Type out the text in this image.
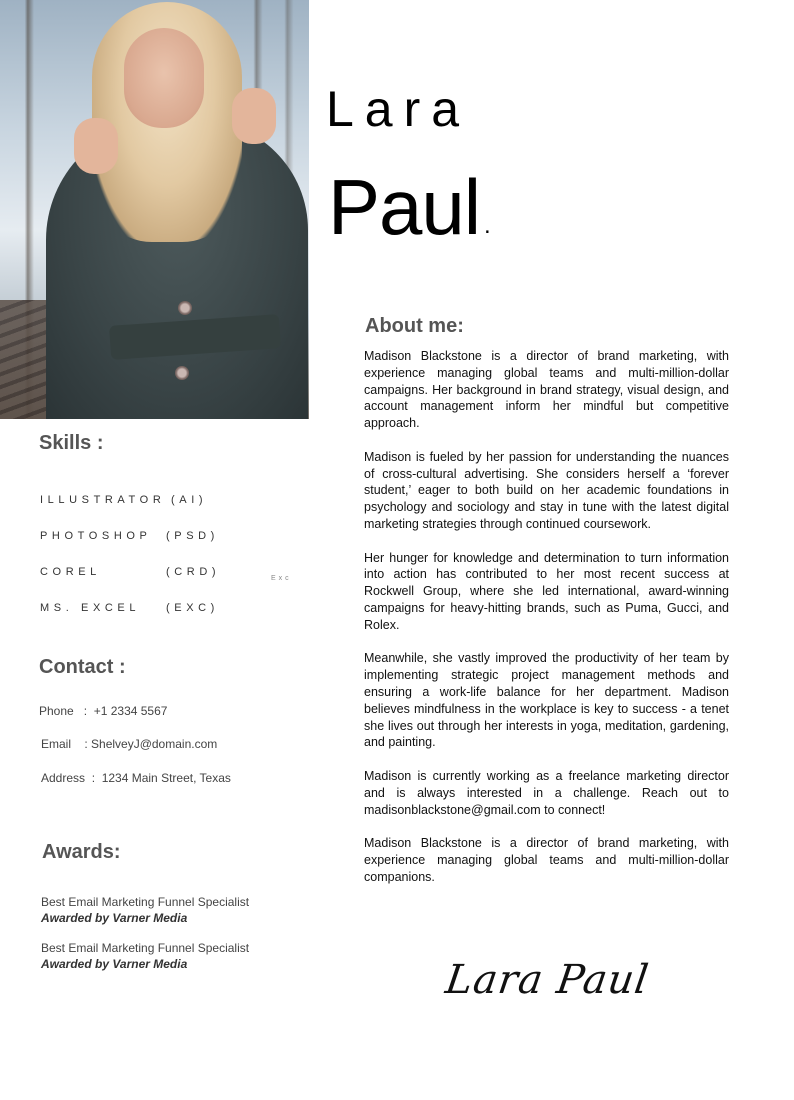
Lara
Paul .
About me:

Madison Blackstone is a director of brand marketing, with experience managing global teams and multi-million-dollar campaigns. Her background in brand strategy, visual design, and account management inform her mindful but competitive approach.

Madison is fueled by her passion for understanding the nuances of cross-cultural advertising. She considers herself a ‘forever student,’ eager to both build on her academic foundations in psychology and sociology and stay in tune with the latest digital marketing strategies through continued coursework.

Her hunger for knowledge and determination to turn information into action has contributed to her most recent success at Rockwell Group, where she led international, award-winning campaigns for heavy-hitting brands, such as Puma, Gucci, and Rolex.

Meanwhile, she vastly improved the productivity of her team by implementing strategic project management methods and ensuring a work-life balance for her department. Madison believes mindfulness in the workplace is key to success - a tenet she lives out through her interests in yoga, meditation, gardening, and painting.

Madison is currently working as a freelance marketing director and is always interested in a challenge. Reach out to madisonblackstone@gmail.com to connect!

Madison Blackstone is a director of brand marketing, with experience managing global teams and multi-million-dollar companions.

Skills :
ILLUSTRATOR (AI)
PHOTOSHOP (PSD)
COREL	(CRD)
MS. EXCEL (EXC)
Exc
Contact :
Phone   :  +1 2334 5567
Email    : ShelveyJ@domain.com
Address  :  1234 Main Street, Texas
Awards:
Best Email Marketing Funnel Specialist
Awarded by Varner Media
Best Email Marketing Funnel Specialist
Awarded by Varner Media	Lara Paul
